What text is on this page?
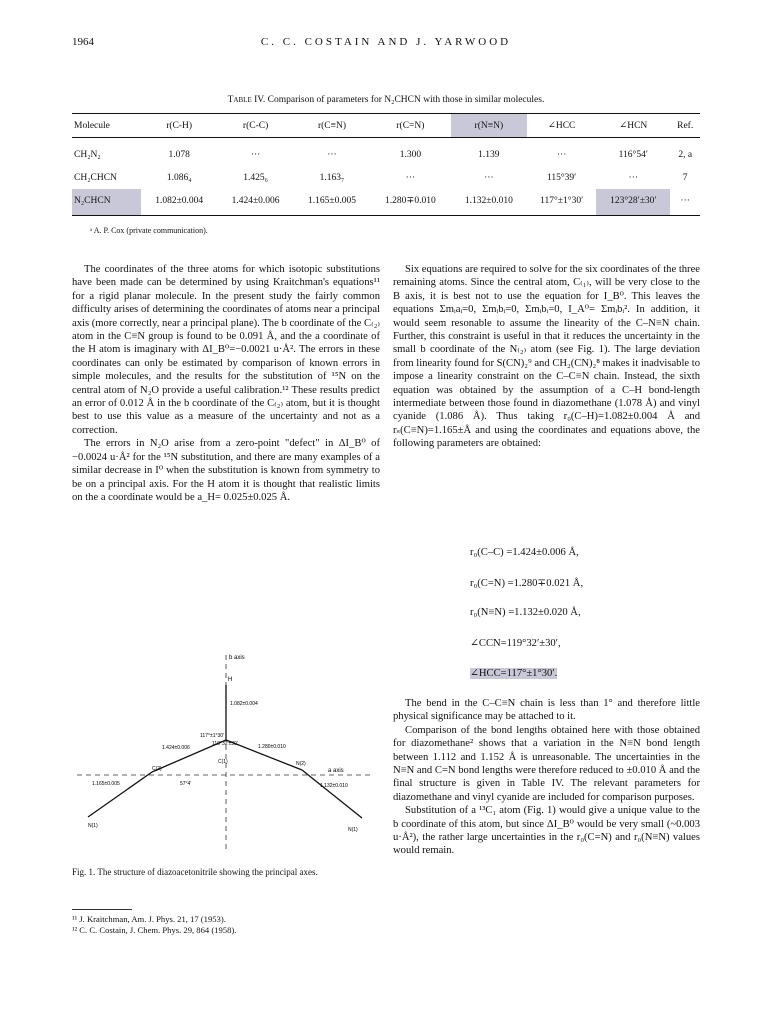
1964	C. C. COSTAIN AND J. YARWOOD
Table IV. Comparison of parameters for N₂CHCN with those in similar molecules.
Molecule	r(C-H)	r(C-C)	r(C≡N)	r(C=N)	r(N≡N)	∠HCC	∠HCN	Ref.
CH₂N₂	1.078	···	···	1.300	1.139	···	116°54′	2, a
CH₂CHCN	1.086₄	1.425₆	1.163₇	···	···	115°39′	···	7
N₂CHCN	1.082±0.004	1.424±0.006	1.165±0.005	1.280∓0.010	1.132±0.010	117°±1°30′	123°28′±30′	···
ᵃ A. P. Cox (private communication).

The coordinates of the three atoms for which isotopic substitutions have been made can be determined by using Kraitchman's equations¹¹ for a rigid planar molecule. In the present study the fairly common difficulty arises of determining the coordinates of atoms near a principal axis (more correctly, near a principal plane). The b coordinate of the C₍₂₎ atom in the C≡N group is found to be 0.091 Å, and the a coordinate of the H atom is imaginary with ΔI_B⁰=−0.0021 u·Å². The errors in these coordinates can only be estimated by comparison of known errors in simple molecules, and the results for the substitution of ¹⁵N on the central atom of N₂O provide a useful calibration.¹² These results predict an error of 0.012 Å in the b coordinate of the C₍₂₎ atom, but it is thought best to use this value as a measure of the uncertainty and not as a correction.

The errors in N₂O arise from a zero-point "defect" in ΔI_B⁰ of −0.0024 u·Å² for the ¹⁵N substitution, and there are many examples of a similar decrease in I⁰ when the substitution is known from symmetry to be on a principal axis. For the H atom it is thought that realistic limits on the a coordinate would be a_H= 0.025±0.025 Å.

Six equations are required to solve for the six coordinates of the three remaining atoms. Since the central atom, C₍₁₎, will be very close to the B axis, it is best not to use the equation for I_B⁰. This leaves the equations Σmᵢaᵢ=0, Σmᵢbᵢ=0, Σmᵢbᵢ=0, I_A⁰= Σmᵢbᵢ². In addition, it would seem resonable to assume the linearity of the C–N≡N chain. Further, this constraint is useful in that it reduces the uncertainty in the small b coordinate of the N₍₂₎ atom (see Fig. 1). The large deviation from linearity found for S(CN)₂⁹ and CH₂(CN)₂⁸ makes it inadvisable to impose a linearity constraint on the C–C≡N chain. Instead, the sixth equation was obtained by the assumption of a C–H bond-length intermediate between those found in diazomethane (1.078 Å) and vinyl cyanide (1.086 Å). Thus taking r₀(C–H)=1.082±0.004 Å and rₛ(C≡N)=1.165±Å and using the coordinates and equations above, the following parameters are obtained:

r₀(C–C) =1.424±0.006 Å,
r₀(C=N) =1.280∓0.021 Å,
r₀(N≡N) =1.132±0.020 Å,
∠CCN=119°32′±30′,
∠HCC=117°±1°30′.
b axis
a axis
H
1.082±0.004
117°±1°30′
119°32′±30′
1.424±0.006	1.280±0.010
C(2)
C(1)	N(2)
57°4′
1.165±0.005	1.132±0.010
N(1)
N(1)
Fig. 1. The structure of diazoacetonitrile showing the principal axes.
¹¹ J. Kraitchman, Am. J. Phys. 21, 17 (1953).
¹² C. C. Costain, J. Chem. Phys. 29, 864 (1958).

The bend in the C–C≡N chain is less than 1° and therefore little physical significance may be attached to it.

Comparison of the bond lengths obtained here with those obtained for diazomethane² shows that a variation in the N≡N bond length between 1.112 and 1.152 Å is unreasonable. The uncertainties in the N≡N and C=N bond lengths were therefore reduced to ±0.010 Å and the final structure is given in Table IV. The relevant parameters for diazomethane and vinyl cyanide are included for comparison purposes.

Substitution of a ¹³C₁ atom (Fig. 1) would give a unique value to the b coordinate of this atom, but since ΔI_B⁰ would be very small (~0.003 u·Å²), the rather large uncertainties in the r₀(C=N) and r₀(N≡N) values would remain.
